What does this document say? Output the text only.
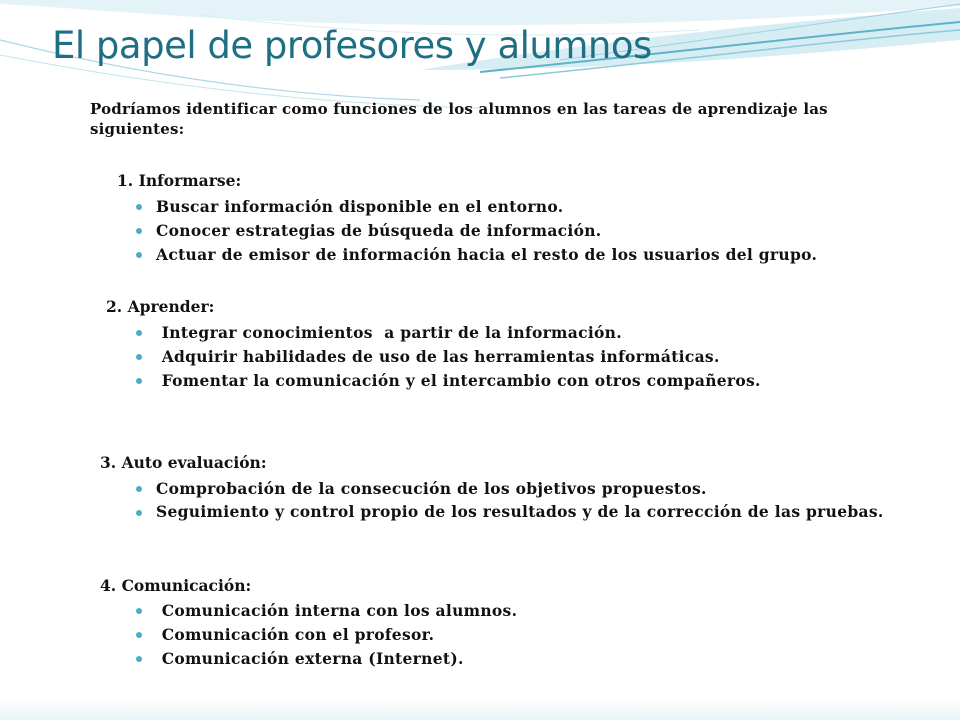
El papel de profesores y alumnos

Podríamos identificar como funciones de los alumnos en las tareas de aprendizaje las siguientes:

1. Informarse:

Buscar información disponible en el entorno.
Conocer estrategias de búsqueda de información.
Actuar de emisor de información hacia el resto de los usuarios del grupo.

2. Aprender:

Integrar conocimientos  a partir de la información.
Adquirir habilidades de uso de las herramientas informáticas.
Fomentar la comunicación y el intercambio con otros compañeros.

3. Auto evaluación:

Comprobación de la consecución de los objetivos propuestos.
Seguimiento y control propio de los resultados y de la corrección de las pruebas.

4. Comunicación:

Comunicación interna con los alumnos.
Comunicación con el profesor.
Comunicación externa (Internet).
